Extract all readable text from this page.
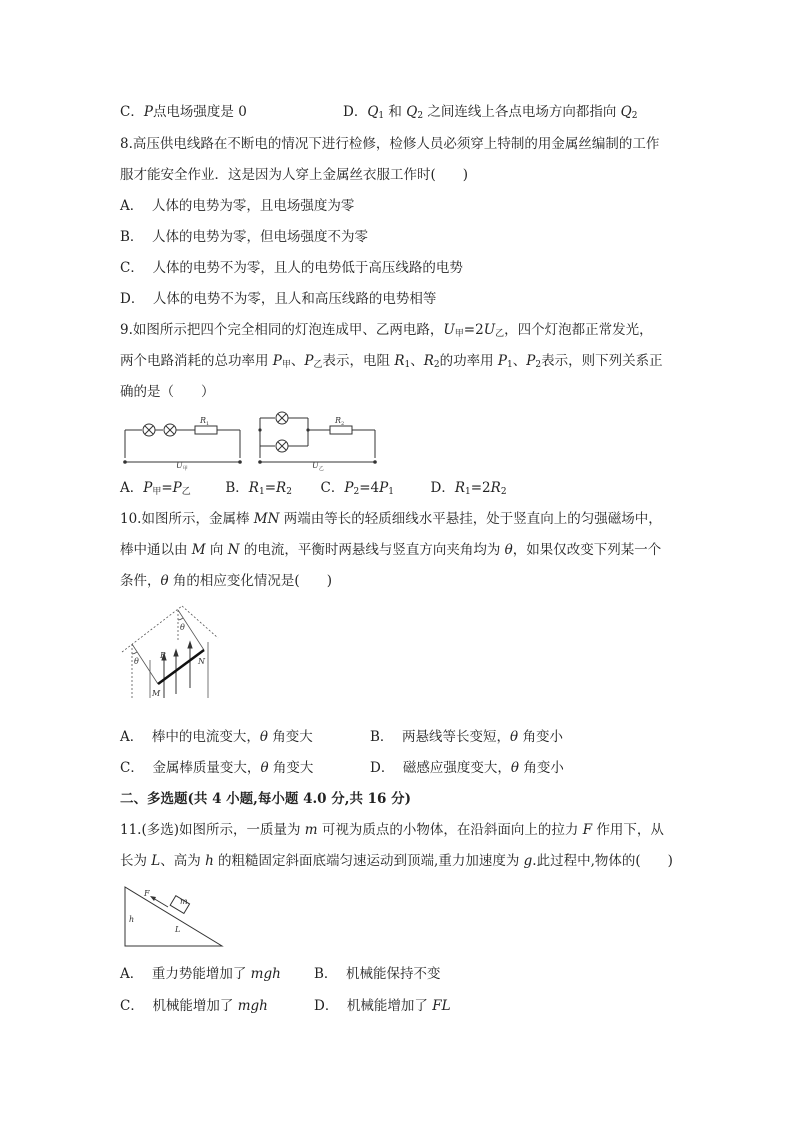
C．P点电场强度是 0	D．$Q_1$ 和 $Q_2$ 之间连线上各点电场方向都指向 $Q_2$
8.高压供电线路在不断电的情况下进行检修，检修人员必须穿上特制的用金属丝编制的工作
服才能安全作业．这是因为人穿上金属丝衣服工作时(　　)
A． 人体的电势为零，且电场强度为零
B． 人体的电势为零，但电场强度不为零
C． 人体的电势不为零，且人的电势低于高压线路的电势
D． 人体的电势不为零，且人和高压线路的电势相等
9.如图所示把四个完全相同的灯泡连成甲、乙两电路，$U_甲=2U_乙$，四个灯泡都正常发光，
两个电路消耗的总功率用 $P_甲$、$P_乙$表示，电阻 $R_1$、$R_2$的功率用 $P_1$、$P_2$表示，则下列关系正
确的是（　　）
$R_1$	$R_2$
$U_甲$	$U_乙$
A．$P_甲=P_乙$	B．$R_1=R_2$ C．$P_2=4P_1$	D．$R_1=2R_2$
10.如图所示，金属棒 MN 两端由等长的轻质细线水平悬挂，处于竖直向上的匀强磁场中，
棒中通以由 M 向 N 的电流，平衡时两悬线与竖直方向夹角均为 θ，如果仅改变下列某一个
条件，θ 角的相应变化情况是(　　)
θ
θ
B
M
N
A． 棒中的电流变大，θ 角变大	B． 两悬线等长变短，θ 角变小
C． 金属棒质量变大，θ 角变大	D． 磁感应强度变大，θ 角变小
二、多选题(共 4 小题,每小题 4.0 分,共 16 分)
11.(多选)如图所示，一质量为 m 可视为质点的小物体，在沿斜面向上的拉力 F 作用下，从
长为 L、高为 h 的粗糙固定斜面底端匀速运动到顶端,重力加速度为 g.此过程中,物体的(　　)
F
m
h
L
A． 重力势能增加了 mgh B． 机械能保持不变
C． 机械能增加了 mgh	D． 机械能增加了 FL
